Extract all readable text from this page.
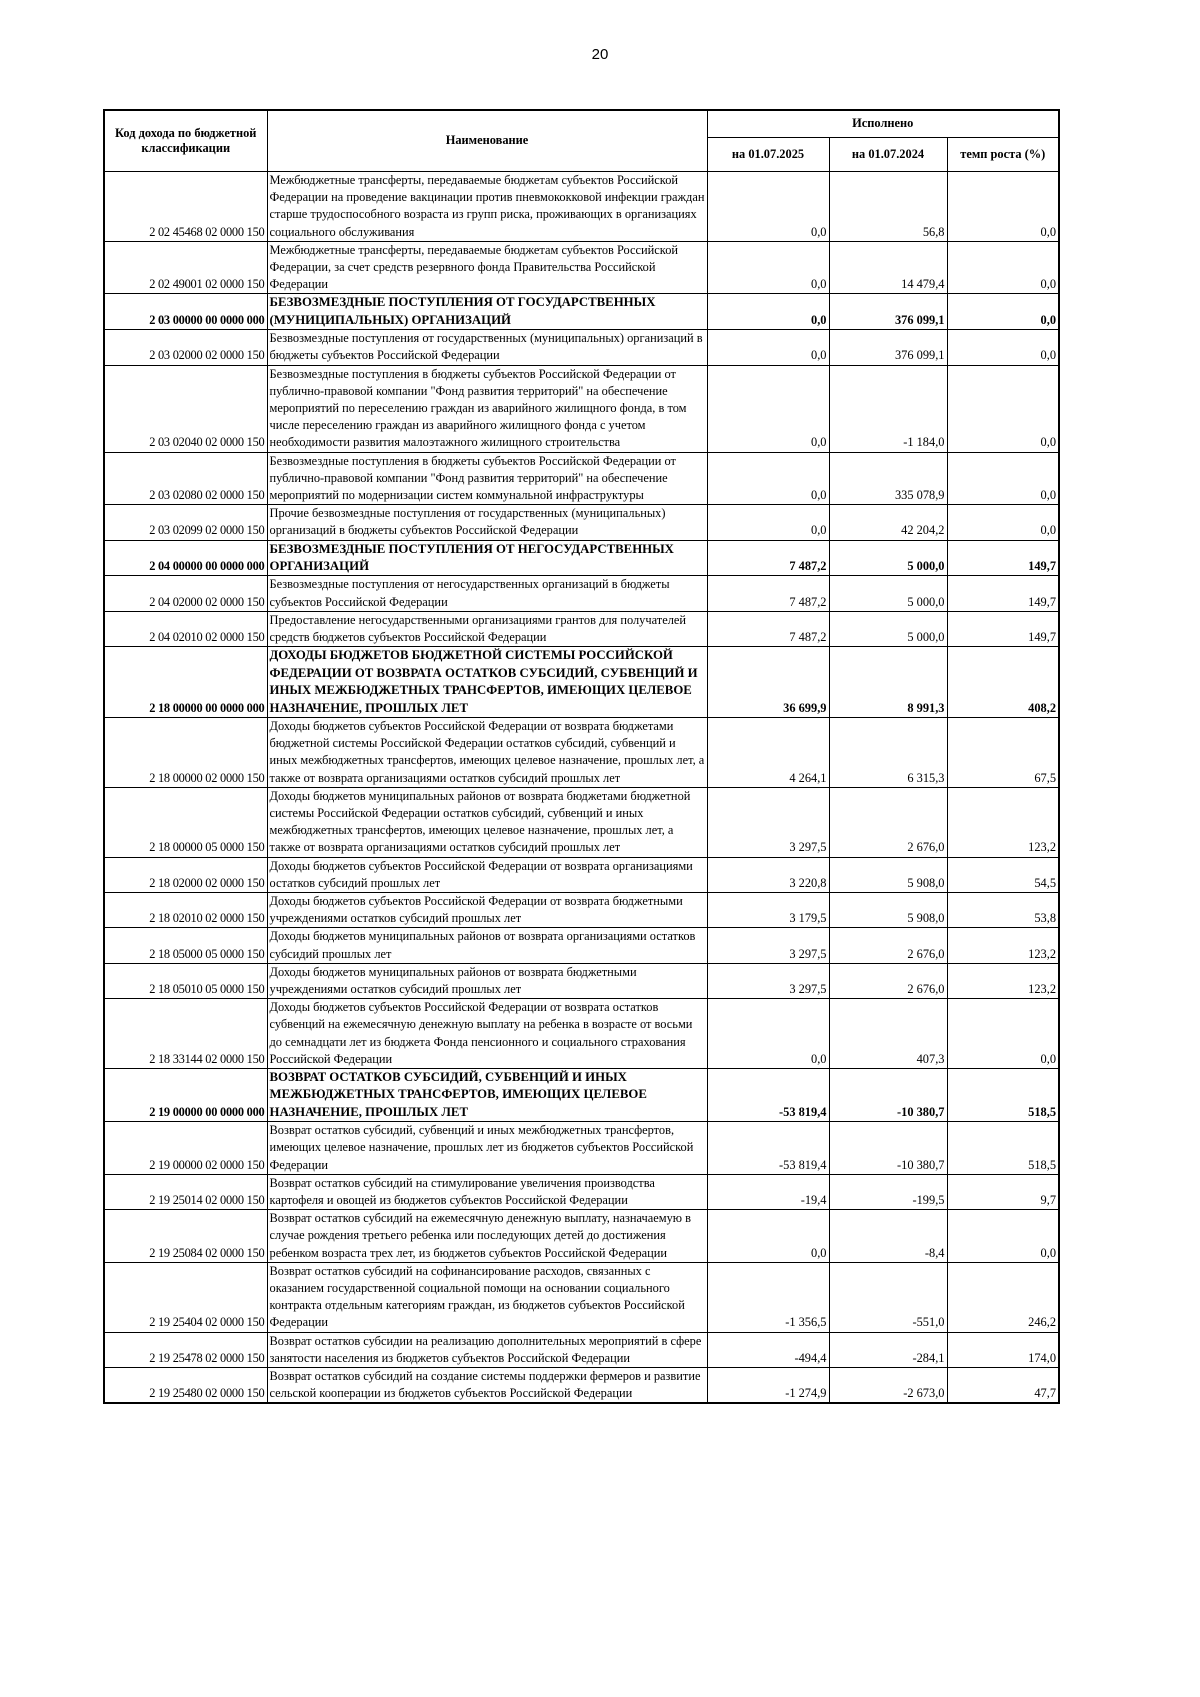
20
Код дохода по бюджетной классификации	Наименование	Исполнено		
		на 01.07.2025	на 01.07.2024	темп роста (%)
2 02 45468 02 0000 150	Межбюджетные трансферты, передаваемые бюджетам субъектов Российской Федерации на проведение вакцинации против пневмококковой инфекции граждан старше трудоспособного возраста из групп риска, проживающих в организациях социального обслуживания	0,0	56,8	0,0
2 02 49001 02 0000 150	Межбюджетные трансферты, передаваемые бюджетам субъектов Российской Федерации, за счет средств резервного фонда Правительства Российской Федерации	0,0	14 479,4	0,0
2 03 00000 00 0000 000	БЕЗВОЗМЕЗДНЫЕ ПОСТУПЛЕНИЯ ОТ ГОСУДАРСТВЕННЫХ (МУНИЦИПАЛЬНЫХ) ОРГАНИЗАЦИЙ	0,0	376 099,1	0,0
2 03 02000 02 0000 150	Безвозмездные поступления от государственных (муниципальных) организаций в бюджеты субъектов Российской Федерации	0,0	376 099,1	0,0
2 03 02040 02 0000 150	Безвозмездные поступления в бюджеты субъектов Российской Федерации от публично-правовой компании "Фонд развития территорий" на обеспечение мероприятий по переселению граждан из аварийного жилищного фонда, в том числе переселению граждан из аварийного жилищного фонда с учетом необходимости развития малоэтажного жилищного строительства	0,0	-1 184,0	0,0
2 03 02080 02 0000 150	Безвозмездные поступления в бюджеты субъектов Российской Федерации от публично-правовой компании "Фонд развития территорий" на обеспечение мероприятий по модернизации систем коммунальной инфраструктуры	0,0	335 078,9	0,0
2 03 02099 02 0000 150	Прочие безвозмездные поступления от государственных (муниципальных) организаций в бюджеты субъектов Российской Федерации	0,0	42 204,2	0,0
2 04 00000 00 0000 000	БЕЗВОЗМЕЗДНЫЕ ПОСТУПЛЕНИЯ ОТ НЕГОСУДАРСТВЕННЫХ ОРГАНИЗАЦИЙ	7 487,2	5 000,0	149,7
2 04 02000 02 0000 150	Безвозмездные поступления от негосударственных организаций в бюджеты субъектов Российской Федерации	7 487,2	5 000,0	149,7
2 04 02010 02 0000 150	Предоставление негосударственными организациями грантов для получателей средств бюджетов субъектов Российской Федерации	7 487,2	5 000,0	149,7
2 18 00000 00 0000 000	ДОХОДЫ БЮДЖЕТОВ БЮДЖЕТНОЙ СИСТЕМЫ РОССИЙСКОЙ ФЕДЕРАЦИИ ОТ ВОЗВРАТА ОСТАТКОВ СУБСИДИЙ, СУБВЕНЦИЙ И ИНЫХ МЕЖБЮДЖЕТНЫХ ТРАНСФЕРТОВ, ИМЕЮЩИХ ЦЕЛЕВОЕ НАЗНАЧЕНИЕ, ПРОШЛЫХ ЛЕТ	36 699,9	8 991,3	408,2
2 18 00000 02 0000 150	Доходы бюджетов субъектов Российской Федерации от возврата бюджетами бюджетной системы Российской Федерации остатков субсидий, субвенций и иных межбюджетных трансфертов, имеющих целевое назначение, прошлых лет, а также от возврата организациями остатков субсидий прошлых лет	4 264,1	6 315,3	67,5
2 18 00000 05 0000 150	Доходы бюджетов муниципальных районов от возврата бюджетами бюджетной системы Российской Федерации остатков субсидий, субвенций и иных межбюджетных трансфертов, имеющих целевое назначение, прошлых лет, а также от возврата организациями остатков субсидий прошлых лет	3 297,5	2 676,0	123,2
2 18 02000 02 0000 150	Доходы бюджетов субъектов Российской Федерации от возврата организациями остатков субсидий прошлых лет	3 220,8	5 908,0	54,5
2 18 02010 02 0000 150	Доходы бюджетов субъектов Российской Федерации от возврата бюджетными учреждениями остатков субсидий прошлых лет	3 179,5	5 908,0	53,8
2 18 05000 05 0000 150	Доходы бюджетов муниципальных районов от возврата организациями остатков субсидий прошлых лет	3 297,5	2 676,0	123,2
2 18 05010 05 0000 150	Доходы бюджетов муниципальных районов от возврата бюджетными учреждениями остатков субсидий прошлых лет	3 297,5	2 676,0	123,2
2 18 33144 02 0000 150	Доходы бюджетов субъектов Российской Федерации от возврата остатков субвенций на ежемесячную денежную выплату на ребенка в возрасте от восьми до семнадцати лет из бюджета Фонда пенсионного и социального страхования Российской Федерации	0,0	407,3	0,0
2 19 00000 00 0000 000	ВОЗВРАТ ОСТАТКОВ СУБСИДИЙ, СУБВЕНЦИЙ И ИНЫХ МЕЖБЮДЖЕТНЫХ ТРАНСФЕРТОВ, ИМЕЮЩИХ ЦЕЛЕВОЕ НАЗНАЧЕНИЕ, ПРОШЛЫХ ЛЕТ	-53 819,4	-10 380,7	518,5
2 19 00000 02 0000 150	Возврат остатков субсидий, субвенций и иных межбюджетных трансфертов, имеющих целевое назначение, прошлых лет из бюджетов субъектов Российской Федерации	-53 819,4	-10 380,7	518,5
2 19 25014 02 0000 150	Возврат остатков субсидий на стимулирование увеличения производства картофеля и овощей из бюджетов субъектов Российской Федерации	-19,4	-199,5	9,7
2 19 25084 02 0000 150	Возврат остатков субсидий на ежемесячную денежную выплату, назначаемую в случае рождения третьего ребенка или последующих детей до достижения ребенком возраста трех лет, из бюджетов субъектов Российской Федерации	0,0	-8,4	0,0
2 19 25404 02 0000 150	Возврат остатков субсидий на софинансирование расходов, связанных с оказанием государственной социальной помощи на основании социального контракта отдельным категориям граждан, из бюджетов субъектов Российской Федерации	-1 356,5	-551,0	246,2
2 19 25478 02 0000 150	Возврат остатков субсидии на реализацию дополнительных мероприятий в сфере занятости населения из бюджетов субъектов Российской Федерации	-494,4	-284,1	174,0
2 19 25480 02 0000 150	Возврат остатков субсидий на создание системы поддержки фермеров и развитие сельской кооперации из бюджетов субъектов Российской Федерации	-1 274,9	-2 673,0	47,7
